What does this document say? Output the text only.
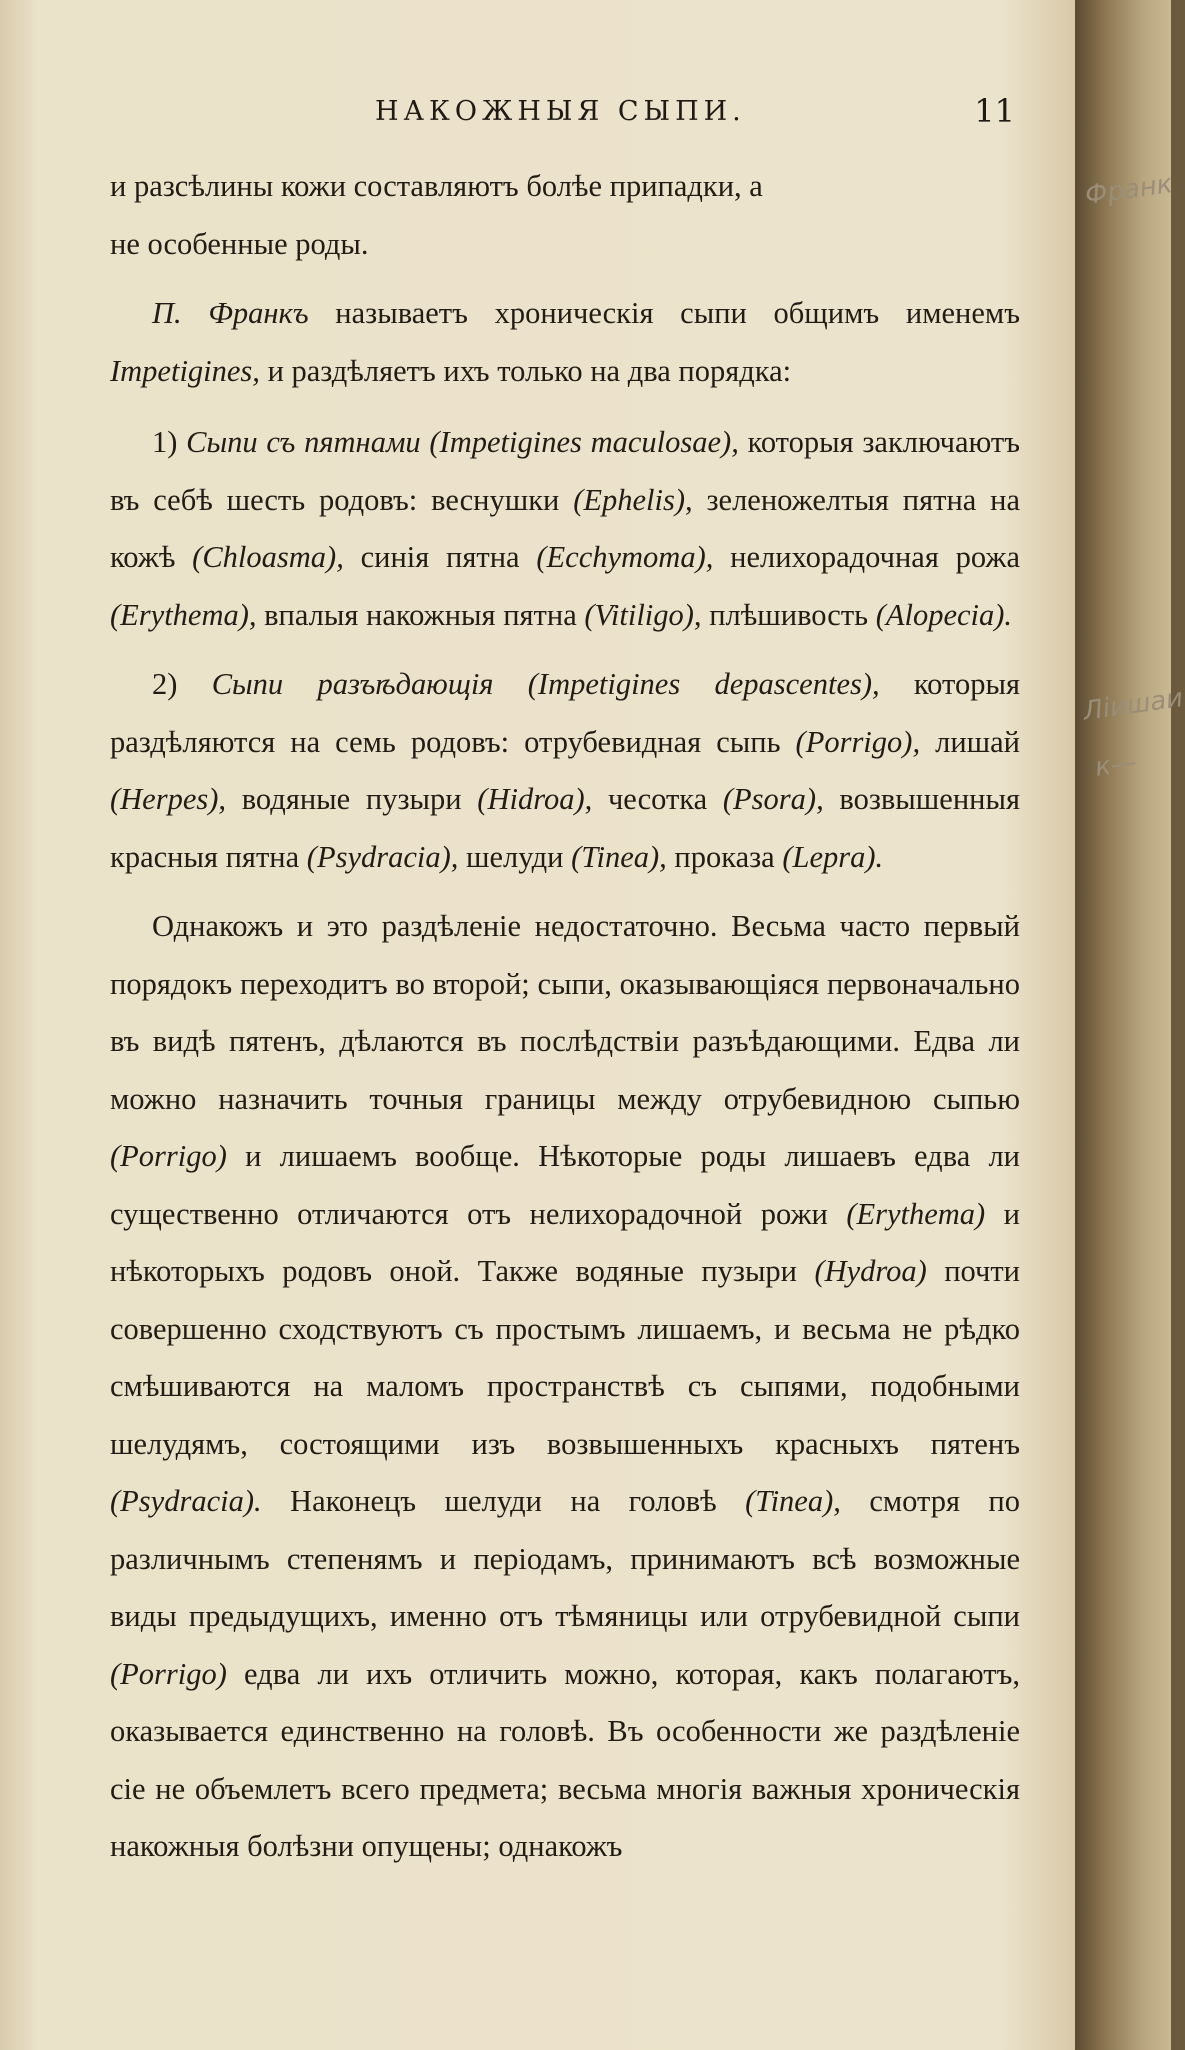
НАКОЖНЫЯ СЫПИ.	11

и разсѣлины кожи составляютъ болѣе припадки, а
не особенные роды.

П. Франкъ называетъ хроническія сыпи общимъ именемъ Impetigines, и раздѣляетъ ихъ только на два порядка:

1) Сыпи съ пятнами (Impetigines maculosae), которыя заключаютъ въ себѣ шесть родовъ: веснушки (Ephelis), зеленожелтыя пятна на кожѣ (Chloasma), синія пятна (Ecchymoma), нелихорадочная рожа (Erythema), впалыя накожныя пятна (Vitiligo), плѣшивость (Alopecia).

2) Сыпи разъѣдающія (Impetigines depascentes), которыя раздѣляются на семь родовъ: отрубевидная сыпь (Porrigo), лишай (Herpes), водяные пузыри (Hidroa), чесотка (Psora), возвышенныя красныя пятна (Psydracia), шелуди (Tinea), проказа (Lepra).

Однакожъ и это раздѣленіе недостаточно. Весьма часто первый порядокъ переходитъ во второй; сыпи, оказывающіяся первоначально въ видѣ пятенъ, дѣлаются въ послѣдствіи разъѣдающими. Едва ли можно назначить точныя границы между отрубевидною сыпью (Porrigo) и лишаемъ вообще. Нѣкоторые роды лишаевъ едва ли существенно отличаются отъ нелихорадочной рожи (Erythema) и нѣкоторыхъ родовъ оной. Также водяные пузыри (Hydroa) почти совершенно сходствуютъ съ простымъ лишаемъ, и весьма не рѣдко смѣшиваются на маломъ пространствѣ съ сыпями, подобными шелудямъ, состоящими изъ возвышенныхъ красныхъ пятенъ (Psydracia). Наконецъ шелуди на головѣ (Tinea), смотря по различнымъ степенямъ и періодамъ, принимаютъ всѣ возможные виды предыдущихъ, именно отъ тѣмяницы или отрубевидной сыпи (Porrigo) едва ли ихъ отличить можно, которая, какъ полагаютъ, оказывается единственно на головѣ. Въ особенности же раздѣленіе сіе не объемлетъ всего предмета; весьма многія важныя хроническія накожныя болѣзни опущены; однакожъ

Франк
Ліишаи
к—
